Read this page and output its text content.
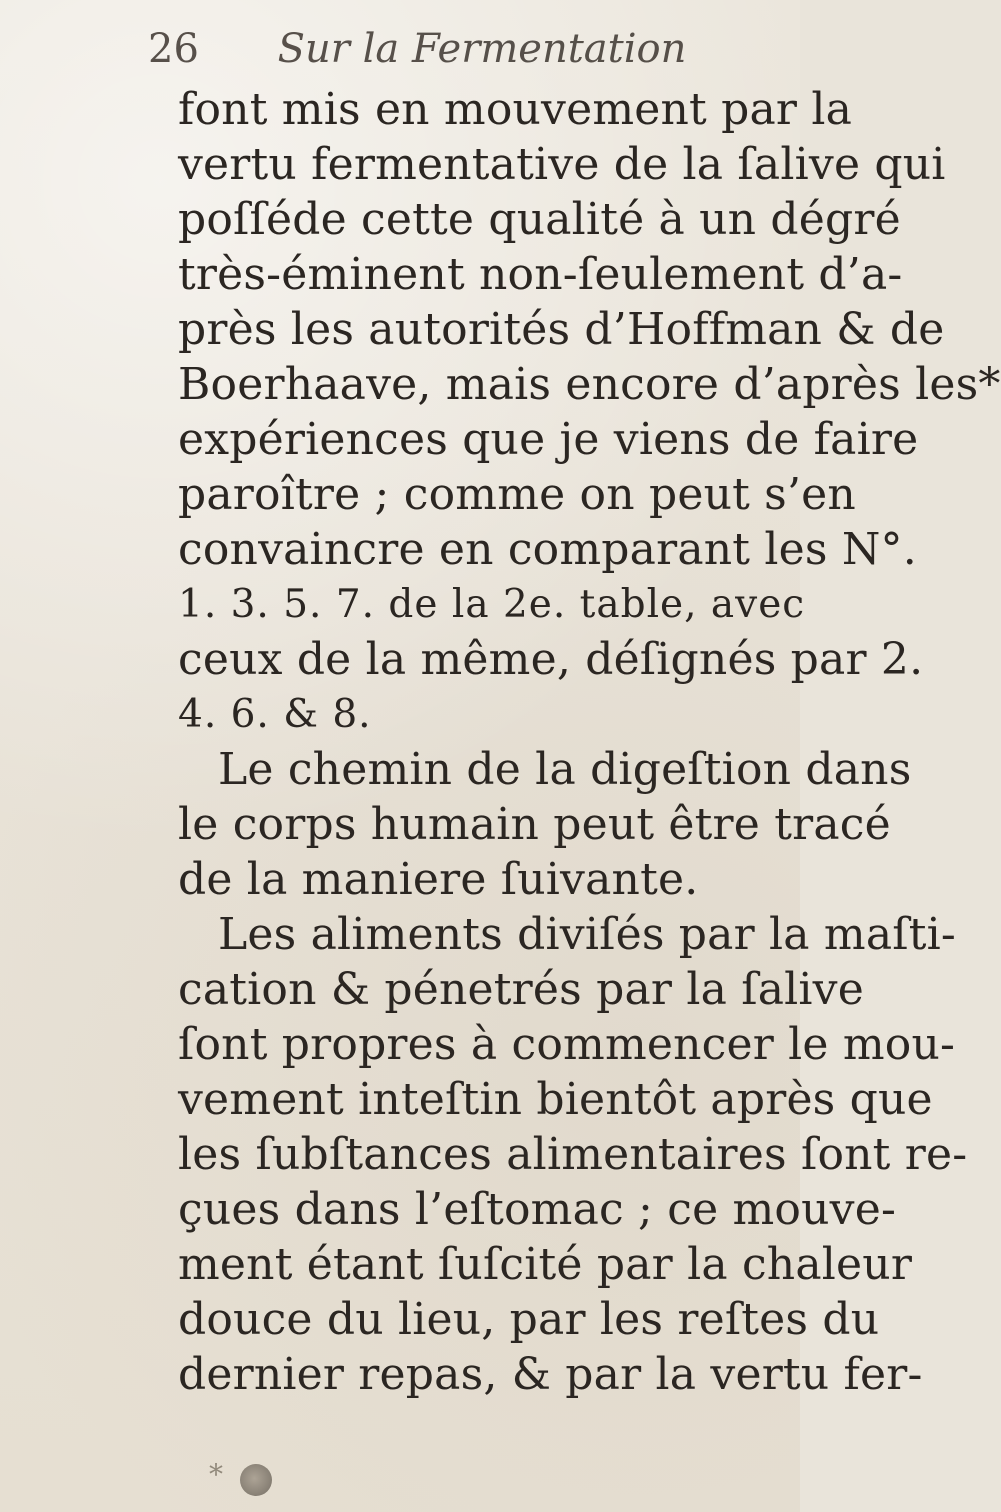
26 Sur la Fermentation
font mis en mouvement par la
vertu fermentative de la ſalive qui
poſſéde cette qualité à un dégré
très-éminent non-ſeulement d’a-
près les autorités d’Hoffman & de
Boerhaave, mais encore d’après les*
expériences que je viens de faire
paroître ; comme on peut s’en
convaincre en comparant les N°.
1. 3. 5. 7. de la 2e. table, avec
ceux de la même, déſignés par 2.
4. 6. & 8.
Le chemin de la digeſtion dans
le corps humain peut être tracé
de la maniere ſuivante.
Les aliments diviſés par la maſti-
cation & pénetrés par la ſalive
ſont propres à commencer le mou-
vement inteſtin bientôt après que
les ſubſtances alimentaires ſont re-
çues dans l’eſtomac ; ce mouve-
ment étant ſuſcité par la chaleur
douce du lieu, par les reſtes du
dernier repas, & par la vertu fer-
*
